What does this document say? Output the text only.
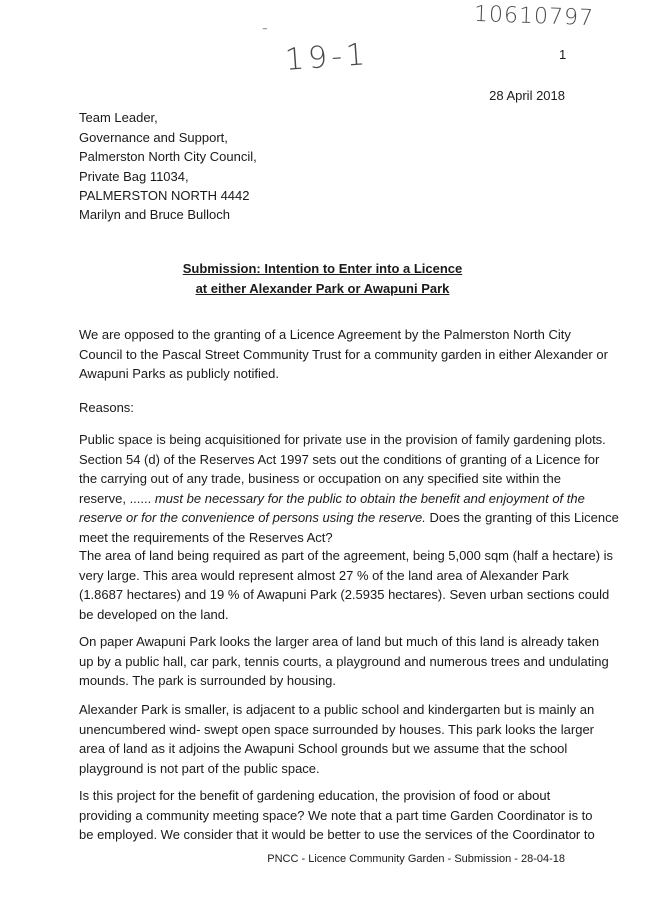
10610797
-
19-1	1
28 April 2018
Team Leader,
Governance and Support,
Palmerston North City Council,
Private Bag 11034,
PALMERSTON NORTH 4442
Marilyn and Bruce Bulloch
Submission: Intention to Enter into a Licence
at either Alexander Park or Awapuni Park
We are opposed to the granting of a Licence Agreement by the Palmerston North City
Council to the Pascal Street Community Trust for a community garden in either Alexander or
Awapuni Parks as publicly notified.
Reasons:
Public space is being acquisitioned for private use in the provision of family gardening plots.
Section 54 (d) of the Reserves Act 1997 sets out the conditions of granting of a Licence for
the carrying out of any trade, business or occupation on any specified site within the
reserve, ...... must be necessary for the public to obtain the benefit and enjoyment of the
reserve or for the convenience of persons using the reserve. Does the granting of this Licence
meet the requirements of the Reserves Act?
The area of land being required as part of the agreement, being 5,000 sqm (half a hectare) is
very large. This area would represent almost 27 % of the land area of Alexander Park
(1.8687 hectares) and 19 % of Awapuni Park (2.5935 hectares). Seven urban sections could
be developed on the land.
On paper Awapuni Park looks the larger area of land but much of this land is already taken
up by a public hall, car park, tennis courts, a playground and numerous trees and undulating
mounds. The park is surrounded by housing.
Alexander Park is smaller, is adjacent to a public school and kindergarten but is mainly an
unencumbered wind- swept open space surrounded by houses. This park looks the larger
area of land as it adjoins the Awapuni School grounds but we assume that the school
playground is not part of the public space.
Is this project for the benefit of gardening education, the provision of food or about
providing a community meeting space? We note that a part time Garden Coordinator is to
be employed. We consider that it would be better to use the services of the Coordinator to
PNCC - Licence Community Garden - Submission - 28-04-18
